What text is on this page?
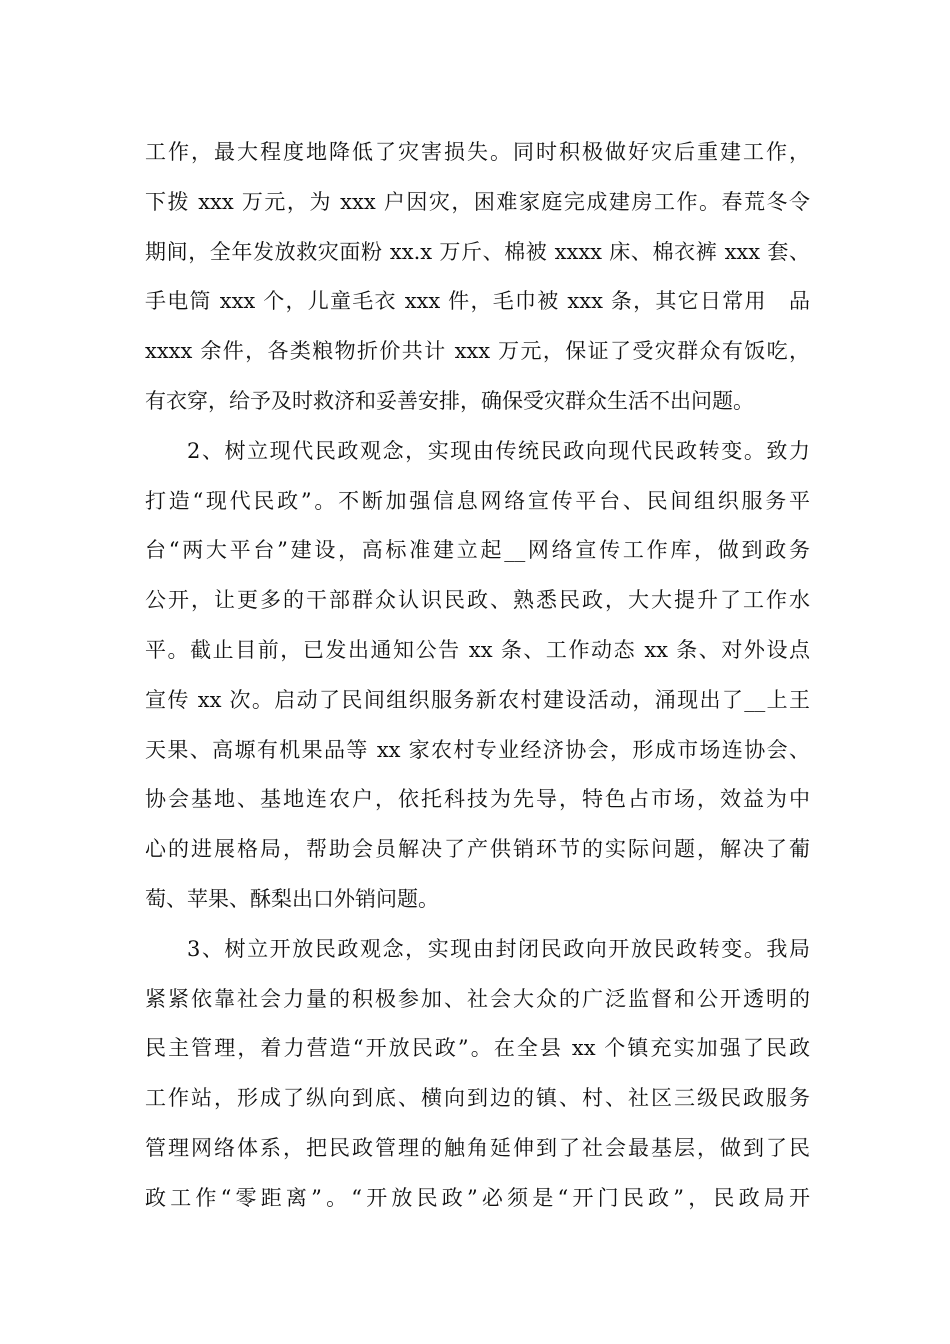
工作，最大程度地降低了灾害损失。同时积极做好灾后重建工作，
下拨 xxx 万元，为 xxx 户因灾，困难家庭完成建房工作。春荒冬令
期间，全年发放救灾面粉 xx.x 万斤、棉被 xxxx 床、棉衣裤 xxx 套、
手电筒 xxx 个，儿童毛衣 xxx 件，毛巾被 xxx 条，其它日常用　品
xxxx 余件，各类粮物折价共计 xxx 万元，保证了受灾群众有饭吃，
有衣穿，给予及时救济和妥善安排，确保受灾群众生活不出问题。
2、树立现代民政观念，实现由传统民政向现代民政转变。致力
打造“现代民政”。不断加强信息网络宣传平台、民间组织服务平
台“两大平台”建设，高标准建立起__网络宣传工作库，做到政务
公开，让更多的干部群众认识民政、熟悉民政，大大提升了工作水
平。截止目前，已发出通知公告 xx 条、工作动态 xx 条、对外设点
宣传 xx 次。启动了民间组织服务新农村建设活动，涌现出了__上王
天果、高塬有机果品等 xx 家农村专业经济协会，形成市场连协会、
协会基地、基地连农户，依托科技为先导，特色占市场，效益为中
心的进展格局，帮助会员解决了产供销环节的实际问题，解决了葡
萄、苹果、酥梨出口外销问题。
3、树立开放民政观念，实现由封闭民政向开放民政转变。我局
紧紧依靠社会力量的积极参加、社会大众的广泛监督和公开透明的
民主管理，着力营造“开放民政”。在全县 xx 个镇充实加强了民政
工作站，形成了纵向到底、横向到边的镇、村、社区三级民政服务
管理网络体系，把民政管理的触角延伸到了社会最基层，做到了民
政工作“零距离”。“开放民政”必须是“开门民政”，民政局开
